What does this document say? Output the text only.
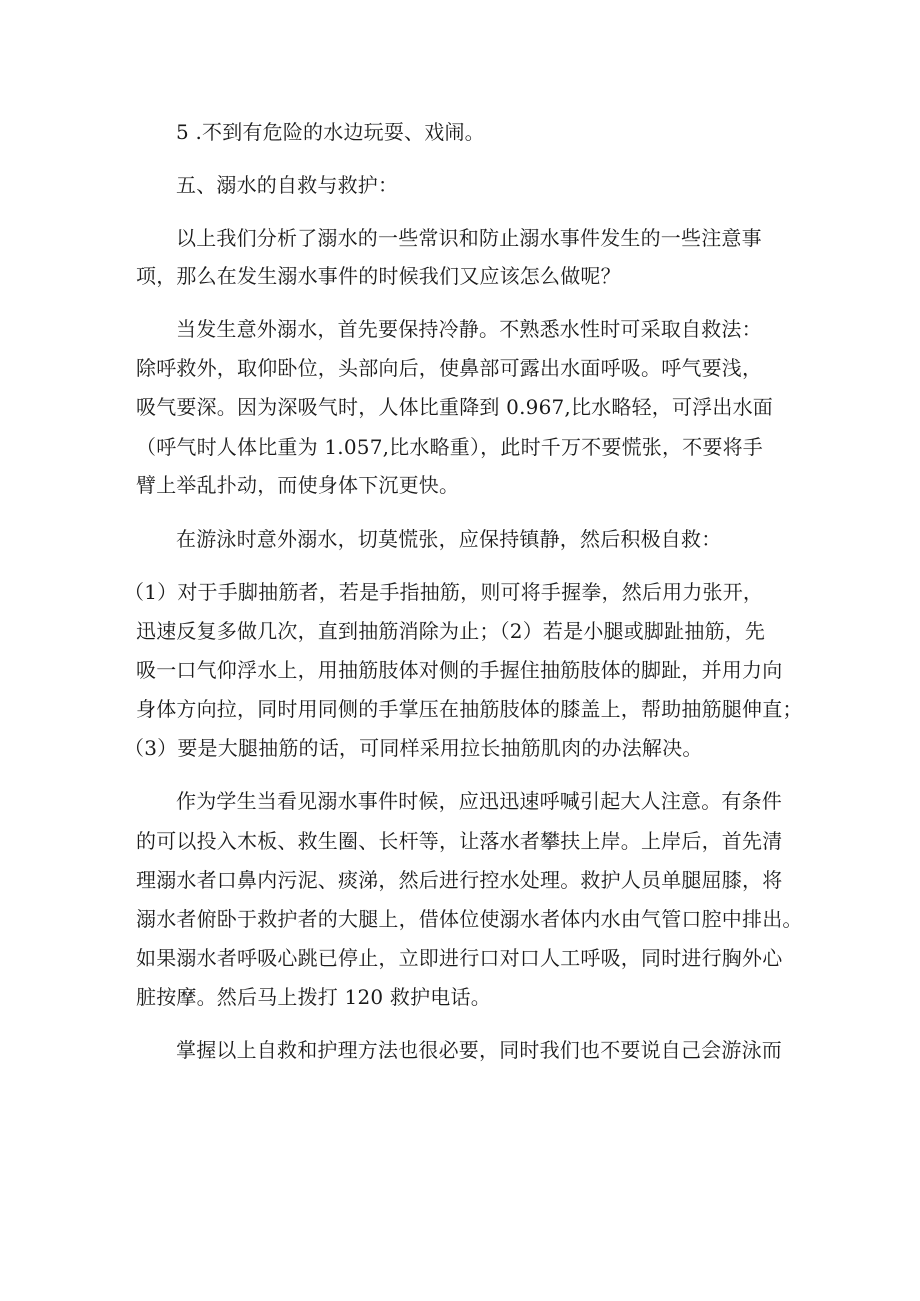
5 .不到有危险的水边玩耍、戏闹。
五、溺水的自救与救护：
以上我们分析了溺水的一些常识和防止溺水事件发生的一些注意事
项，那么在发生溺水事件的时候我们又应该怎么做呢？
当发生意外溺水，首先要保持冷静。不熟悉水性时可采取自救法：
除呼救外，取仰卧位，头部向后，使鼻部可露出水面呼吸。呼气要浅，
吸气要深。因为深吸气时，人体比重降到 0.967,比水略轻，可浮出水面
（呼气时人体比重为 1.057,比水略重），此时千万不要慌张，不要将手
臂上举乱扑动，而使身体下沉更快。
在游泳时意外溺水，切莫慌张，应保持镇静，然后积极自救：
（1）对于手脚抽筋者，若是手指抽筋，则可将手握拳，然后用力张开，
迅速反复多做几次，直到抽筋消除为止；（2）若是小腿或脚趾抽筋，先
吸一口气仰浮水上，用抽筋肢体对侧的手握住抽筋肢体的脚趾，并用力向
身体方向拉，同时用同侧的手掌压在抽筋肢体的膝盖上，帮助抽筋腿伸直；
（3）要是大腿抽筋的话，可同样采用拉长抽筋肌肉的办法解决。
作为学生当看见溺水事件时候，应迅迅速呼喊引起大人注意。有条件
的可以投入木板、救生圈、长杆等，让落水者攀扶上岸。上岸后，首先清
理溺水者口鼻内污泥、痰涕，然后进行控水处理。救护人员单腿屈膝，将
溺水者俯卧于救护者的大腿上，借体位使溺水者体内水由气管口腔中排出。
如果溺水者呼吸心跳已停止，立即进行口对口人工呼吸，同时进行胸外心
脏按摩。然后马上拨打 120 救护电话。
掌握以上自救和护理方法也很必要，同时我们也不要说自己会游泳而
